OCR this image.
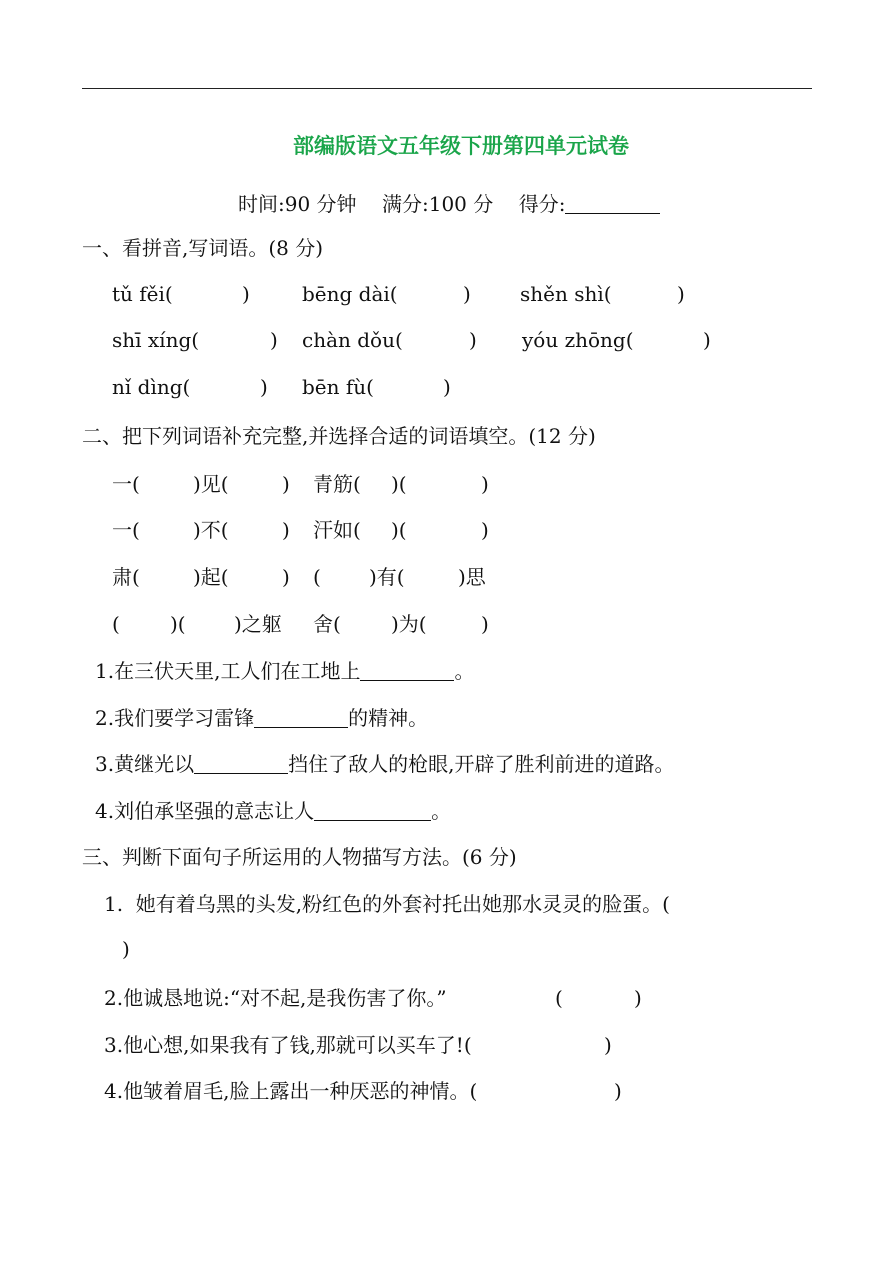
部编版语文五年级下册第四单元试卷
时间:90 分钟 满分:100 分 得分:
一、看拼音,写词语。(8 分)
tǔ fěi(	)	bēng dài(	) shěn shì(	)
shī xíng(	) chàn dǒu(	) yóu zhōng(	)
nǐ dìng(	) bēn fù(	)
二、把下列词语补充完整,并选择合适的词语填空。(12 分)
一(	)见(	) 青筋( )(	)
一(	)不(	) 汗如( )(	)
肃(	)起(	) ( )有(	)思
(	)( )之躯 舍(	)为(	)
1.在三伏天里,工人们在工地上	。
2.我们要学习雷锋	的精神。
3.黄继光以	挡住了敌人的枪眼,开辟了胜利前进的道路。
4.刘伯承坚强的意志让人	。
三、判断下面句子所运用的人物描写方法。(6 分)
1.  她有着乌黑的头发,粉红色的外套衬托出她那水灵灵的脸蛋。(
)
2.他诚恳地说:“对不起,是我伤害了你。”	(	)
3.他心想,如果我有了钱,那就可以买车了!(	)
4.他皱着眉毛,脸上露出一种厌恶的神情。(	)
